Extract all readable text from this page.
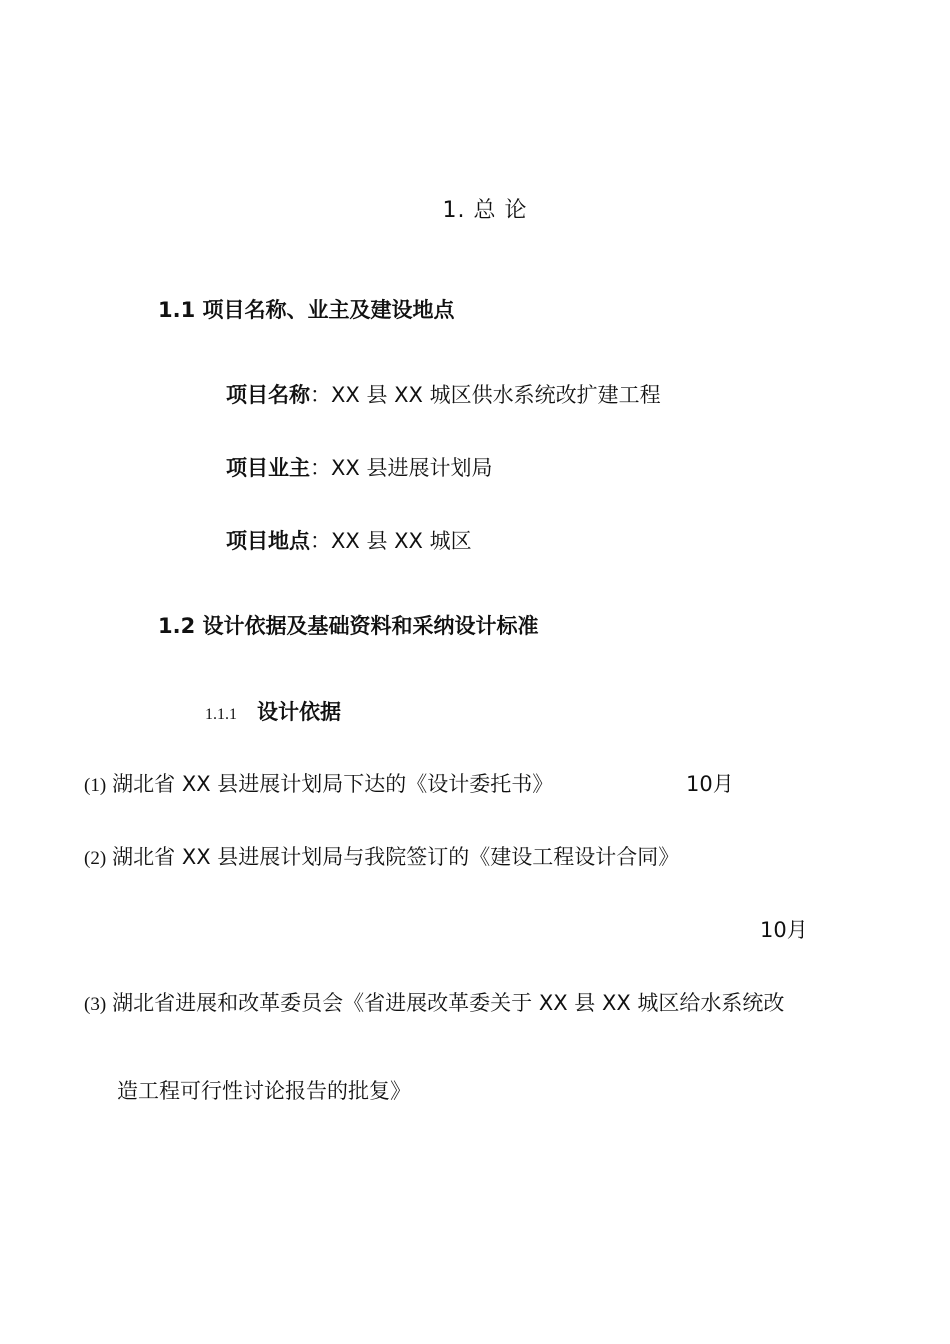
1. 总 论
1.1 项目名称、业主及建设地点
项目名称：XX 县 XX 城区供水系统改扩建工程
项目业主：XX 县进展计划局
项目地点：XX 县 XX 城区
1.2 设计依据及基础资料和采纳设计标准
1.1.1 设计依据
(1) 湖北省 XX 县进展计划局下达的《设计委托书》	10月
(2) 湖北省 XX 县进展计划局与我院签订的《建设工程设计合同》
10月
(3) 湖北省进展和改革委员会《省进展改革委关于 XX 县 XX 城区给水系统改
造工程可行性讨论报告的批复》
